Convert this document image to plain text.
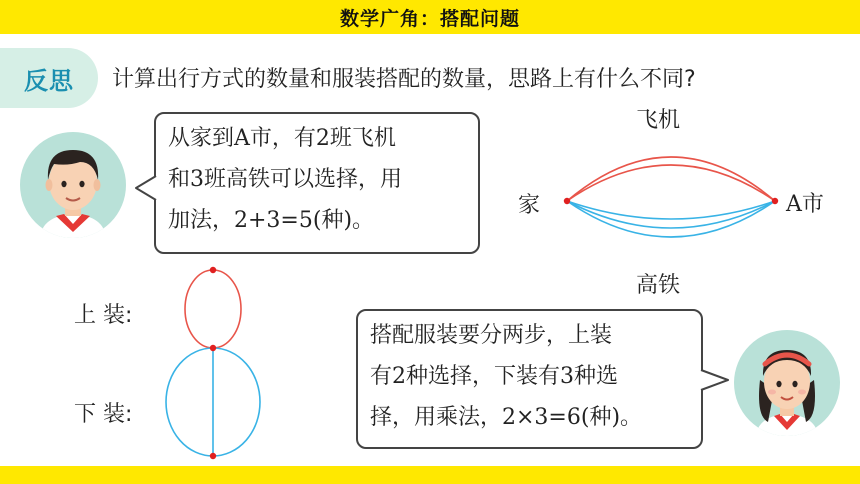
数学广角：搭配问题
反思 计算出行方式的数量和服装搭配的数量，思路上有什么不同?

从家到A市，有2班飞机

和3班高铁可以选择，用

加法，2+3=5(种)。

搭配服装要分两步，上装

有2种选择，下装有3种选

择，用乘法，2×3=6(种)。

飞机
高铁
家	A市
上 装:
下 装:
